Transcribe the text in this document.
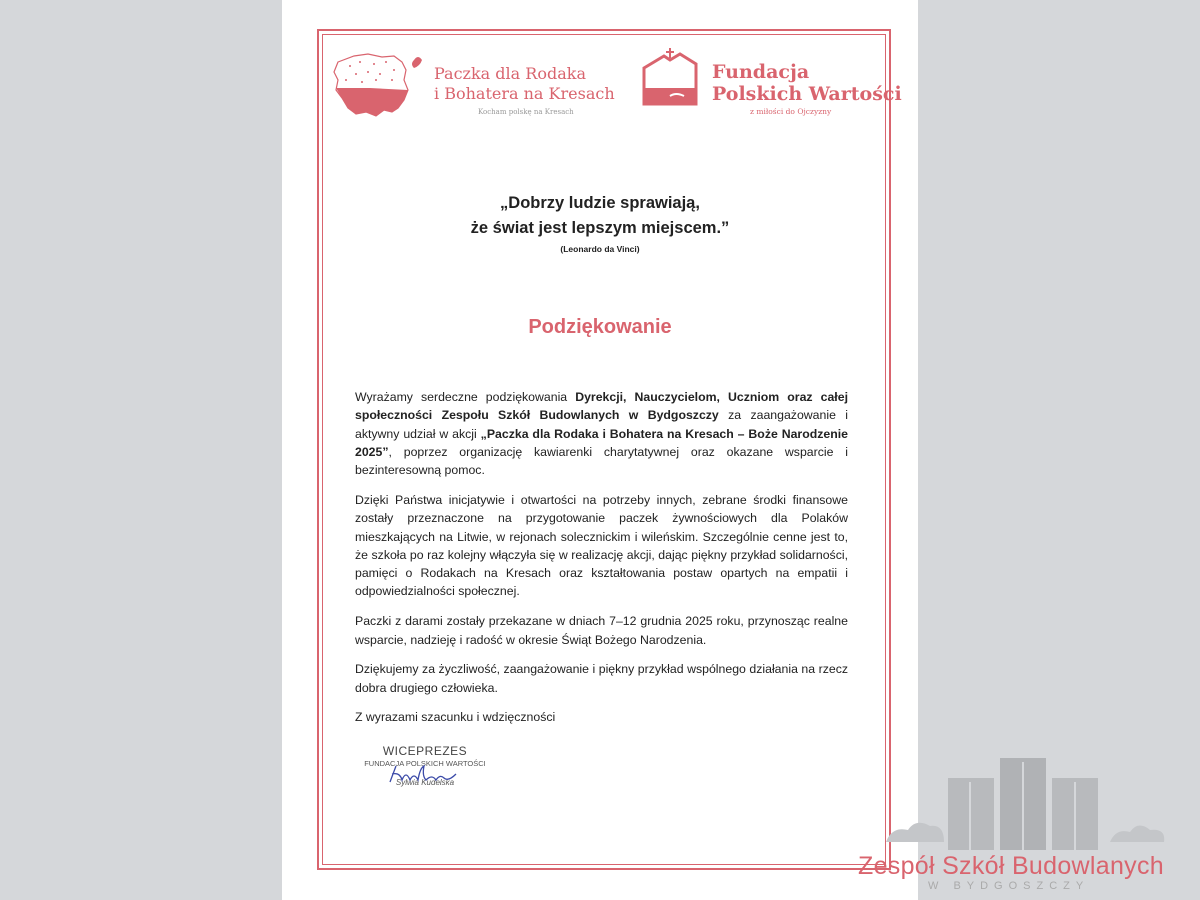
Paczka dla Rodaka
i Bohatera na Kresach
Kocham polskę na Kresach
Fundacja
Polskich Wartości
z miłości do Ojczyzny
„Dobrzy ludzie sprawiają,
że świat jest lepszym miejscem.”
(Leonardo da Vinci)
Podziękowanie

Wyrażamy serdeczne podziękowania Dyrekcji, Nauczycielom, Uczniom oraz całej społeczności Zespołu Szkół Budowlanych w Bydgoszczy za zaangażowanie i aktywny udział w akcji „Paczka dla Rodaka i Bohatera na Kresach – Boże Narodzenie 2025”, poprzez organizację kawiarenki charytatywnej oraz okazane wsparcie i bezinteresowną pomoc.

Dzięki Państwa inicjatywie i otwartości na potrzeby innych, zebrane środki finansowe zostały przeznaczone na przygotowanie paczek żywnościowych dla Polaków mieszkających na Litwie, w rejonach solecznickim i wileńskim. Szczególnie cenne jest to, że szkoła po raz kolejny włączyła się w realizację akcji, dając piękny przykład solidarności, pamięci o Rodakach na Kresach oraz kształtowania postaw opartych na empatii i odpowiedzialności społecznej.

Paczki z darami zostały przekazane w dniach 7–12 grudnia 2025 roku, przynosząc realne wsparcie, nadzieję i radość w okresie Świąt Bożego Narodzenia.

Dziękujemy za życzliwość, zaangażowanie i piękny przykład wspólnego działania na rzecz dobra drugiego człowieka.

Z wyrazami szacunku i wdzięczności

WICEPREZES
FUNDACJA POLSKICH WARTOŚCI
Sylwia Kudelska
Zespół Szkół Budowlanych
W BYDGOSZCZY
